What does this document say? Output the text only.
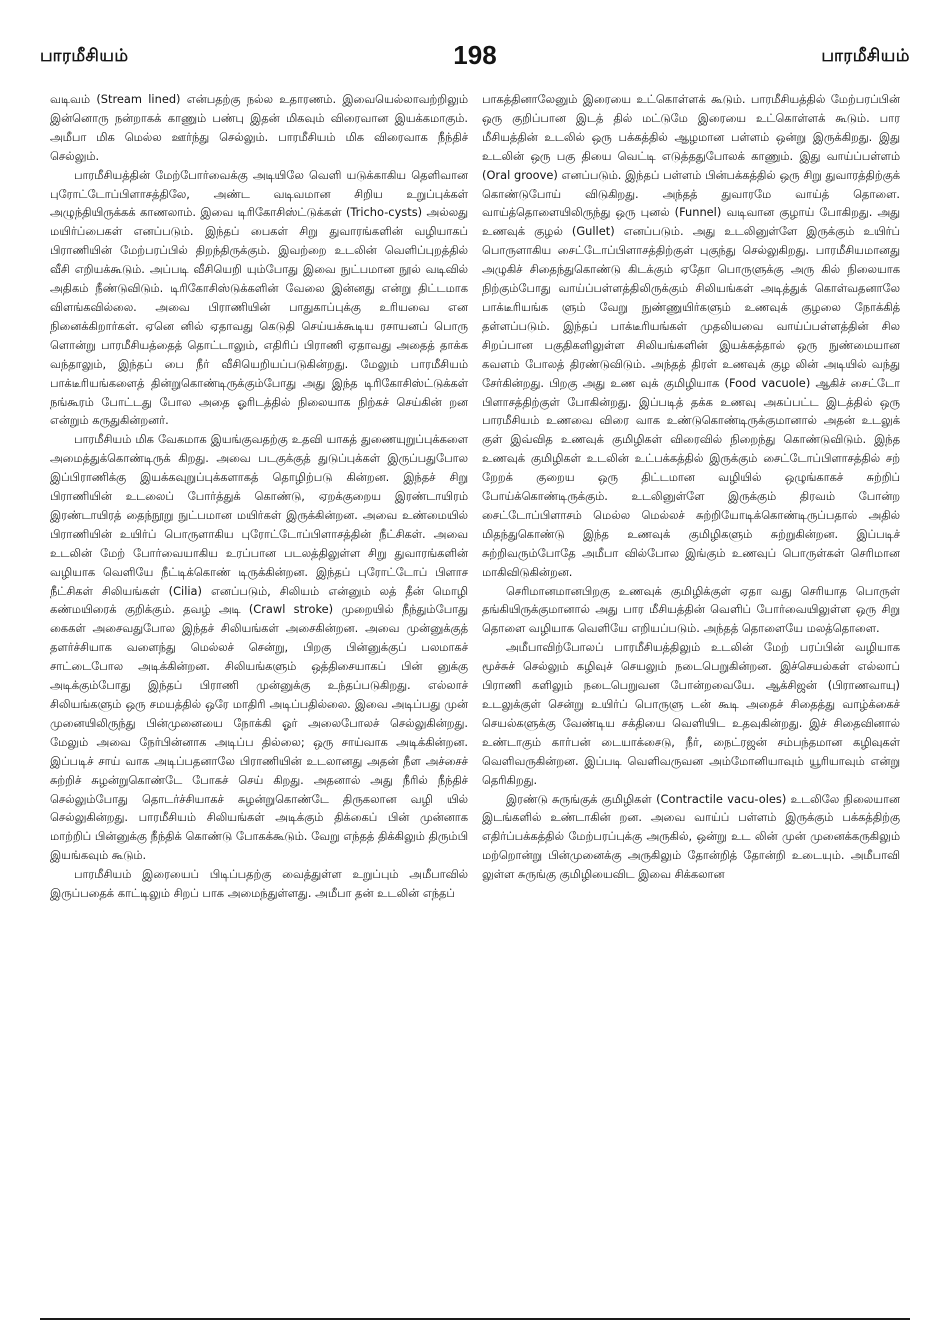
பாரமீசியம்	198	பாரமீசியம்

வடிவம் (Stream lined) என்பதற்கு நல்ல உதாரணம். இவையெல்லாவற்றிலும் இன்னொரு நன்றாகக் காணும் பண்பு இதன் மிகவும் விரைவான இயக்கமாகும். அமீபா மிக மெல்ல ஊர்ந்து செல்லும். பாரமீசியம் மிக விரைவாக நீந்திச் செல்லும்.

பாரமீசியத்தின் மேற்போர்வைக்கு அடியிலே வெளி யடுக்காகிய தெளிவான புரோட்டோப்பிளாசத்திலே, அண்ட வடிவமான சிறிய உறுப்புக்கள் அழுந்தியிருக்கக் காணலாம். இவை டிரிகோசிஸ்ட்டுக்கள் (Tricho-cysts) அல்லது மயிர்ப்பைகள் எனப்படும். இந்தப் பைகள் சிறு துவாரங்களின் வழியாகப் பிராணியின் மேற்பரப்பில் திறந்திருக்கும். இவற்றை உடலின் வெளிப்புறத்தில் வீசி எறியக்கூடும். அப்படி வீசியெறி யும்போது இவை நுட்பமான நூல் வடிவில் அதிகம் நீண்டுவிடும். டிரிகோசிஸ்டுக்களின் வேலை இன்னது என்று திட்டமாக விளங்கவில்லை. அவை பிராணியின் பாதுகாப்புக்கு உரியவை என நினைக்கிறார்கள். ஏனெ னில் ஏதாவது கெடுதி செய்யக்கூடிய ரசாயனப் பொரு ளொன்று பாரமீசியத்தைத் தொட்டாலும், எதிரிப் பிராணி ஏதாவது அதைத் தாக்க வந்தாலும், இந்தப் பை நீர் வீசியெறியப்படுகின்றது. மேலும் பாரமீசியம் பாக்டீரியங்களைத் தின்றுகொண்டிருக்கும்போது அது இந்த டிரிகோசிஸ்ட்டுக்கள் நங்கூரம் போட்டது போல அதை ஓரிடத்தில் நிலையாக நிற்கச் செய்கின் றன என்றும் கருதுகின்றனர்.

பாரமீசியம் மிக வேகமாக இயங்குவதற்கு உதவி யாகத் துணையுறுப்புக்களை அமைத்துக்கொண்டிருக் கிறது. அவை படகுக்குத் துடுப்புக்கள் இருப்பதுபோல இப்பிராணிக்கு இயக்கவுறுப்புக்களாகத் தொழிற்படு கின்றன. இந்தச் சிறு பிராணியின் உடலைப் போர்த்துக் கொண்டு, ஏறக்குறைய இரண்டாயிரம் இரண்டாயிரத் தைந்நூறு நுட்பமான மயிர்கள் இருக்கின்றன. அவை உண்மையில் பிராணியின் உயிர்ப் பொருளாகிய புரோட்டோப்பிளாசத்தின் நீட்சிகள். அவை உடலின் மேற் போர்வையாகிய உரப்பான படலத்திலுள்ள சிறு துவாரங்களின் வழியாக வெளியே நீட்டிக்கொண் டிருக்கின்றன. இந்தப் புரோட்டோப் பிளாச நீட்சிகள் சிலியங்கள் (Cilia) எனப்படும், சிலியம் என்னும் லத் தீன் மொழி கண்மயிரைக் குறிக்கும். தவழ் அடி (Crawl stroke) முறையில் நீந்தும்போது கைகள் அசைவதுபோல இந்தச் சிலியங்கள் அசைகின்றன. அவை முன்னுக்குத் தளர்ச்சியாக வளைந்து மெல்லச் சென்று, பிறகு பின்னுக்குப் பலமாகச் சாட்டைபோல அடிக்கின்றன. சிலியங்களும் ஒத்திசையாகப் பின் னுக்கு அடிக்கும்போது இந்தப் பிராணி முன்னுக்கு உந்தப்படுகிறது. எல்லாச் சிலியங்களும் ஒரு சமயத்தில் ஒரே மாதிரி அடிப்பதில்லை. இவை அடிப்பது முன் முனையிலிருந்து பின்முனையை நோக்கி ஓர் அலைபோலச் செல்லுகின்றது. மேலும் அவை நேர்பின்னாக அடிப்ப தில்லை; ஒரு சாய்வாக அடிக்கின்றன. இப்படிச் சாய் வாக அடிப்பதனாலே பிராணியின் உடலானது அதன் நீள அச்சைச் சுற்றிச் சுழன்றுகொண்டே போகச் செய் கிறது. அதனால் அது நீரில் நீந்திச் செல்லும்போது தொடர்ச்சியாகச் சுழன்றுகொண்டே திருகலான வழி யில் செல்லுகின்றது. பாரமீசியம் சிலியங்கள் அடிக்கும் திக்கைப் பின் முன்னாக மாற்றிப் பின்னுக்கு நீந்திக் கொண்டு போகக்கூடும். வேறு எந்தத் திக்கிலும் திரும்பி இயங்கவும் கூடும்.

பாரமீசியம் இரையைப் பிடிப்பதற்கு வைத்துள்ள உறுப்பும் அமீபாவில் இருப்பதைக் காட்டிலும் சிறப் பாக அமைந்துள்ளது. அமீபா தன் உடலின் எந்தப்

பாகத்தினாலேனும் இரையை உட்கொள்ளக் கூடும். பாரமீசியத்தில் மேற்பரப்பின் ஒரு குறிப்பான இடத் தில் மட்டுமே இரையை உட்கொள்ளக் கூடும். பார மீசியத்தின் உடலில் ஒரு பக்கத்தில் ஆழமான பள்ளம் ஒன்று இருக்கிறது. இது உடலின் ஒரு பகு தியை வெட்டி எடுத்ததுபோலக் காணும். இது வாய்ப்பள்ளம் (Oral groove) எனப்படும். இந்தப் பள்ளம் பின்பக்கத்தில் ஒரு சிறு துவாரத்திற்குக் கொண்டுபோய் விடுகிறது. அந்தத் துவாரமே வாய்த் தொளை. வாய்த்தொளையிலிருந்து ஒரு புனல் (Funnel) வடிவான குழாய் போகிறது. அது உணவுக் குழல் (Gullet) எனப்படும். அது உடலினுள்ளே இருக்கும் உயிர்ப் பொருளாகிய சைட்டோப்பிளாசத்திற்குள் புகுந்து செல்லுகிறது. பாரமீசியமானது அழுகிச் சிதைந்துகொண்டு கிடக்கும் ஏதோ பொருளுக்கு அரு கில் நிலையாக நிற்கும்போது வாய்ப்பள்ளத்திலிருக்கும் சிலியங்கள் அடித்துக் கொள்வதனாலே பாக்டீரியங்க ளும் வேறு நுண்ணுயிர்களும் உணவுக் குழலை நோக்கித் தள்ளப்படும். இந்தப் பாக்டீரியங்கள் முதலியவை வாய்ப்பள்ளத்தின் சில சிறப்பான பகுதிகளிலுள்ள சிலியங்களின் இயக்கத்தால் ஒரு நுண்மையான கவளம் போலத் திரண்டுவிடும். அந்தத் திரள் உணவுக் குழ லின் அடியில் வந்து சேர்கின்றது. பிறகு அது உண வுக் குமிழியாக (Food vacuole) ஆகிச் சைட்டோ பிளாசத்திற்குள் போகின்றது. இப்படித் தக்க உணவு அகப்பட்ட இடத்தில் ஒரு பாரமீசியம் உணவை விரை வாக உண்டுகொண்டிருக்குமானால் அதன் உடலுக் குள் இவ்வித உணவுக் குமிழிகள் விரைவில் நிறைந்து கொண்டுவிடும். இந்த உணவுக் குமிழிகள் உடலின் உட்பக்கத்தில் இருக்கும் சைட்டோப்பிளாசத்தில் சற் றேறக் குறைய ஒரு திட்டமான வழியில் ஒழுங்காகச் சுற்றிப் போய்க்கொண்டிருக்கும். உடலினுள்ளே இருக்கும் திரவம் போன்ற சைட்டோப்பிளாசம் மெல்ல மெல்லச் சுற்றியோடிக்கொண்டிருப்பதால் அதில் மிதந்துகொண்டு இந்த உணவுக் குமிழிகளும் சுற்றுகின்றன. இப்படிச் சுற்றிவரும்போதே அமீபா வில்போல இங்கும் உணவுப் பொருள்கள் செரிமான மாகிவிடுகின்றன.

செரிமானமானபிறகு உணவுக் குமிழிக்குள் ஏதா வது செரியாத பொருள் தங்கியிருக்குமானால் அது பார மீசியத்தின் வெளிப் போர்வையிலுள்ள ஒரு சிறு தொளை வழியாக வெளியே எறியப்படும். அந்தத் தொளையே மலத்தொளை.

அமீபாவிற்போலப் பாரமீசியத்திலும் உடலின் மேற் பரப்பின் வழியாக மூச்சுச் செல்லும் கழிவுச் செயலும் நடைபெறுகின்றன. இச்செயல்கள் எல்லாப் பிராணி களிலும் நடைபெறுவன போன்றவையே. ஆக்சிஜன் (பிராணவாயு) உடலுக்குள் சென்று உயிர்ப் பொருளு டன் கூடி அதைச் சிதைத்து வாழ்க்கைச் செயல்களுக்கு வேண்டிய சக்தியை வெளியிட உதவுகின்றது. இச் சிதைவினால் உண்டாகும் கார்பன் டையாக்சைடு, நீர், நைட்ரஜன் சம்பந்தமான கழிவுகள் வெளிவருகின்றன. இப்படி வெளிவருவன அம்மோனியாவும் யூரியாவும் என்று தெரிகிறது.

இரண்டு சுருங்குக் குமிழிகள் (Contractile vacu-oles) உடலிலே நிலையான இடங்களில் உண்டாகின் றன. அவை வாய்ப் பள்ளம் இருக்கும் பக்கத்திற்கு எதிர்ப்பக்கத்தில் மேற்பரப்புக்கு அருகில், ஒன்று உட லின் முன் முனைக்கருகிலும் மற்றொன்று பின்முனைக்கு அருகிலும் தோன்றித் தோன்றி உடையும். அமீபாவி லுள்ள சுருங்கு குமிழியைவிட இவை சிக்கலான
